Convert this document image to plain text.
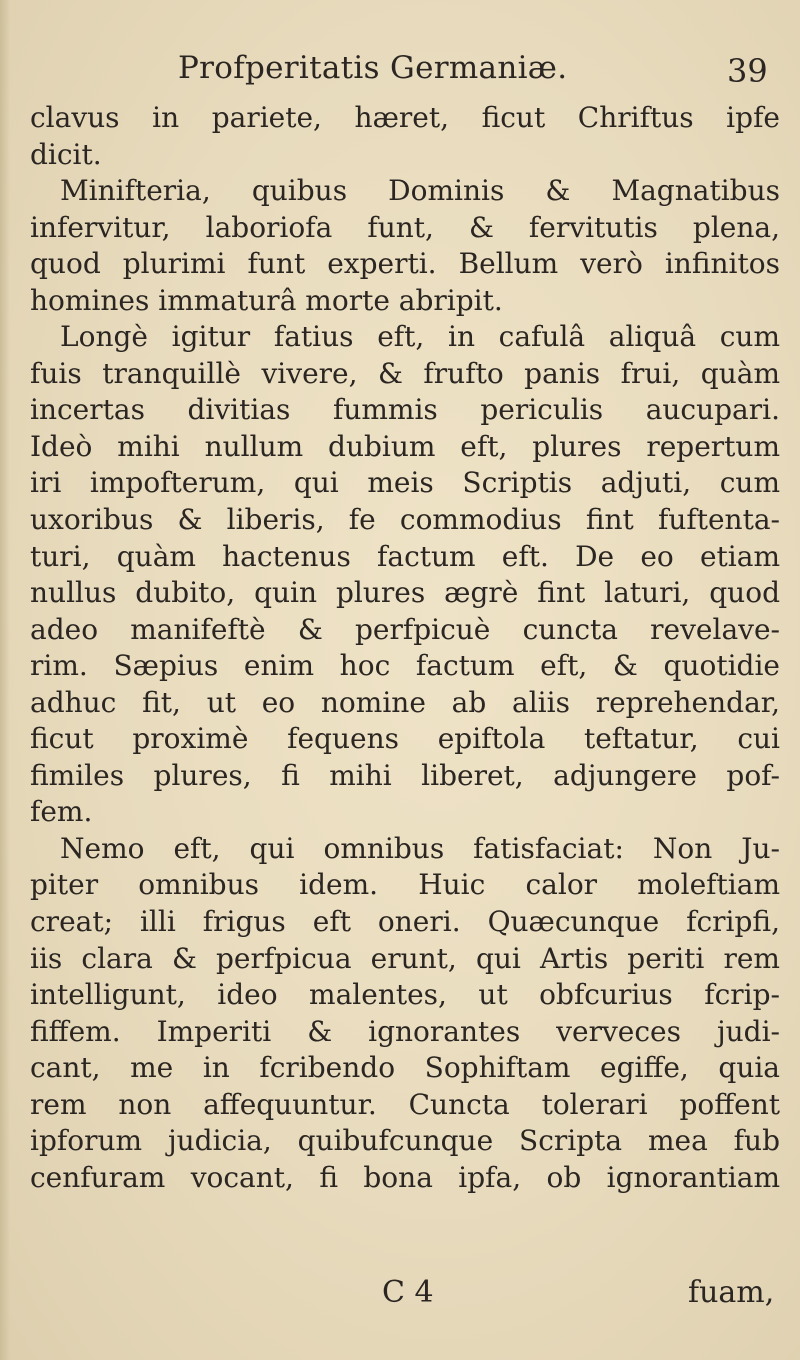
Profperitatis Germaniæ.	39
clavus in pariete, hæret, ficut Chriftus ipfe
dicit.
Minifteria, quibus Dominis & Magnatibus
infervitur, laboriofa funt, & fervitutis plena,
quod plurimi funt experti. Bellum verò infinitos
homines immaturâ morte abripit.
Longè igitur fatius eft, in cafulâ aliquâ cum
fuis tranquillè vivere, & frufto panis frui, quàm
incertas divitias fummis periculis aucupari.
Ideò mihi nullum dubium eft, plures repertum
iri impofterum, qui meis Scriptis adjuti, cum
uxoribus & liberis, fe commodius fint fuftenta-
turi, quàm hactenus factum eft. De eo etiam
nullus dubito, quin plures ægrè fint laturi, quod
adeo manifeftè & perfpicuè cuncta revelave-
rim. Sæpius enim hoc factum eft, & quotidie
adhuc fit, ut eo nomine ab aliis reprehendar,
ficut proximè fequens epiftola teftatur, cui
fimiles plures, fi mihi liberet, adjungere pof-
fem.
Nemo eft, qui omnibus fatisfaciat: Non Ju-
piter omnibus idem. Huic calor moleftiam
creat; illi frigus eft oneri. Quæcunque fcripfi,
iis clara & perfpicua erunt, qui Artis periti rem
intelligunt, ideo malentes, ut obfcurius fcrip-
fiffem. Imperiti & ignorantes verveces judi-
cant, me in fcribendo Sophiftam egiffe, quia
rem non affequuntur. Cuncta tolerari poffent
ipforum judicia, quibufcunque Scripta mea fub
cenfuram vocant, fi bona ipfa, ob ignorantiam
C 4	fuam,
